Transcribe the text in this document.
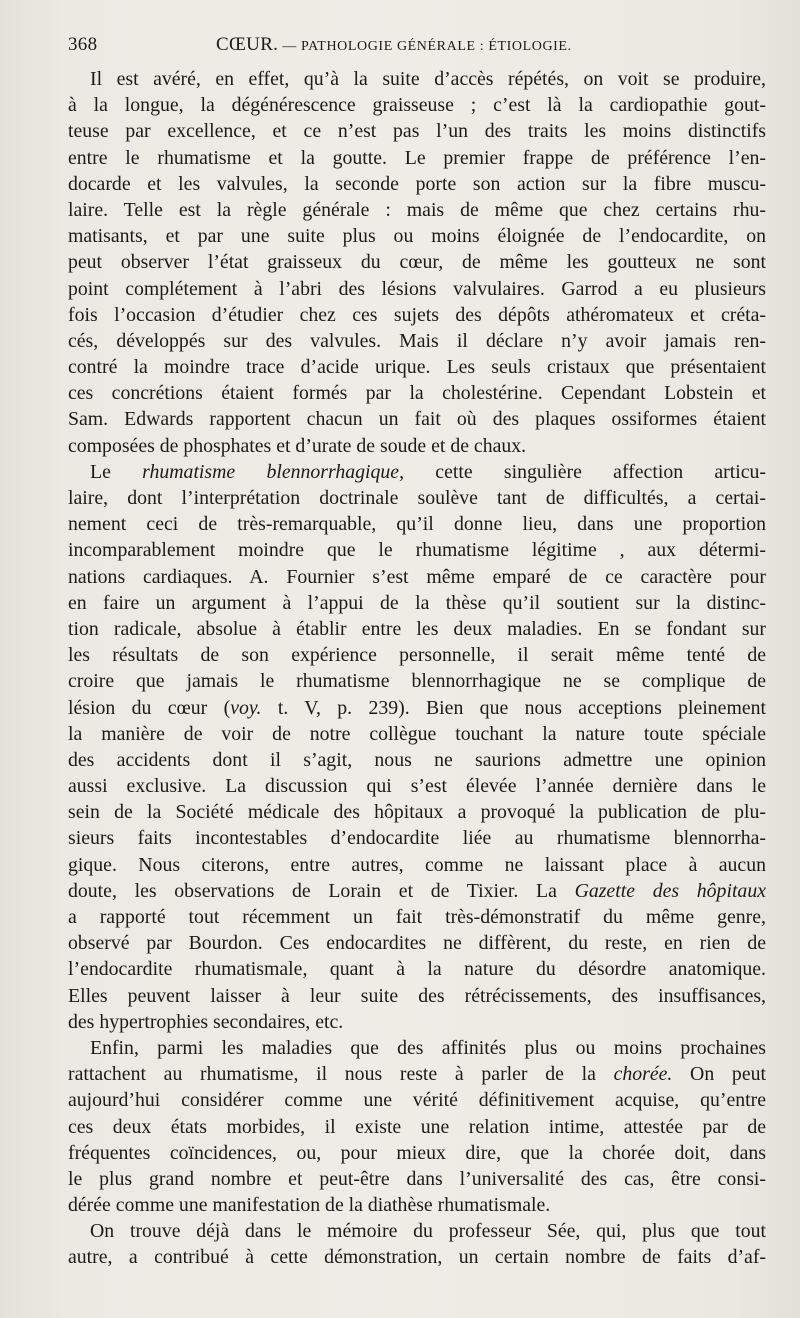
368	CŒUR. — PATHOLOGIE GÉNÉRALE : ÉTIOLOGIE.
Il est avéré, en effet, qu’à la suite d’accès répétés, on voit se produire,
à la longue, la dégénérescence graisseuse ; c’est là la cardiopathie gout-
teuse par excellence, et ce n’est pas l’un des traits les moins distinctifs
entre le rhumatisme et la goutte. Le premier frappe de préférence l’en-
docarde et les valvules, la seconde porte son action sur la fibre muscu-
laire. Telle est la règle générale : mais de même que chez certains rhu-
matisants, et par une suite plus ou moins éloignée de l’endocardite, on
peut observer l’état graisseux du cœur, de même les goutteux ne sont
point complétement à l’abri des lésions valvulaires. Garrod a eu plusieurs
fois l’occasion d’étudier chez ces sujets des dépôts athéromateux et créta-
cés, développés sur des valvules. Mais il déclare n’y avoir jamais ren-
contré la moindre trace d’acide urique. Les seuls cristaux que présentaient
ces concrétions étaient formés par la cholestérine. Cependant Lobstein et
Sam. Edwards rapportent chacun un fait où des plaques ossiformes étaient
composées de phosphates et d’urate de soude et de chaux.
Le rhumatisme blennorrhagique, cette singulière affection articu-
laire, dont l’interprétation doctrinale soulève tant de difficultés, a certai-
nement ceci de très-remarquable, qu’il donne lieu, dans une proportion
incomparablement moindre que le rhumatisme légitime , aux détermi-
nations cardiaques. A. Fournier s’est même emparé de ce caractère pour
en faire un argument à l’appui de la thèse qu’il soutient sur la distinc-
tion radicale, absolue à établir entre les deux maladies. En se fondant sur
les résultats de son expérience personnelle, il serait même tenté de
croire que jamais le rhumatisme blennorrhagique ne se complique de
lésion du cœur (voy. t. V, p. 239). Bien que nous acceptions pleinement
la manière de voir de notre collègue touchant la nature toute spéciale
des accidents dont il s’agit, nous ne saurions admettre une opinion
aussi exclusive. La discussion qui s’est élevée l’année dernière dans le
sein de la Société médicale des hôpitaux a provoqué la publication de plu-
sieurs faits incontestables d’endocardite liée au rhumatisme blennorrha-
gique. Nous citerons, entre autres, comme ne laissant place à aucun
doute, les observations de Lorain et de Tixier. La Gazette des hôpitaux
a rapporté tout récemment un fait très-démonstratif du même genre,
observé par Bourdon. Ces endocardites ne diffèrent, du reste, en rien de
l’endocardite rhumatismale, quant à la nature du désordre anatomique.
Elles peuvent laisser à leur suite des rétrécissements, des insuffisances,
des hypertrophies secondaires, etc.
Enfin, parmi les maladies que des affinités plus ou moins prochaines
rattachent au rhumatisme, il nous reste à parler de la chorée. On peut
aujourd’hui considérer comme une vérité définitivement acquise, qu’entre
ces deux états morbides, il existe une relation intime, attestée par de
fréquentes coïncidences, ou, pour mieux dire, que la chorée doit, dans
le plus grand nombre et peut-être dans l’universalité des cas, être consi-
dérée comme une manifestation de la diathèse rhumatismale.
On trouve déjà dans le mémoire du professeur Sée, qui, plus que tout
autre, a contribué à cette démonstration, un certain nombre de faits d’af-
